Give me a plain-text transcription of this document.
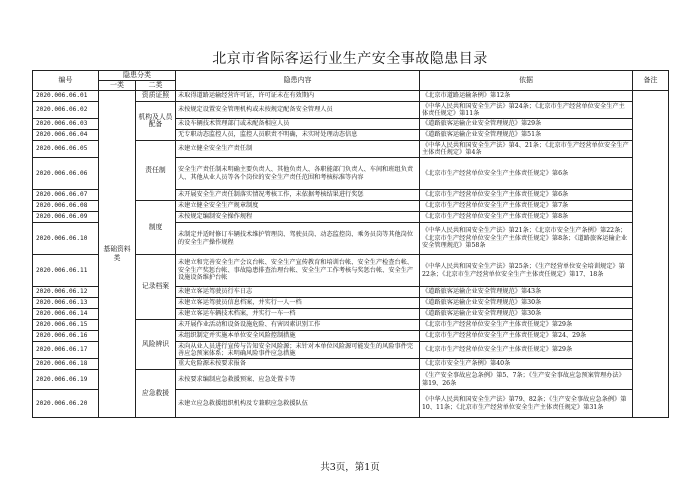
北京市省际客运行业生产安全事故隐患目录
编号	隐患分类		隐患内容	依据	备注
	一类	二类			
2020.006.06.01	基础资料类	资质证照	未取得道路运输经营许可证，许可证未在有效期内	《北京市道路运输条例》第12条	
2020.006.06.02		机构及人员配备	未按规定设置安全管理机构或未按规定配备安全管理人员	《中华人民共和国安全生产法》第24条；《北京市生产经营单位安全生产主体责任规定》第11条	
2020.006.06.03			未设车辆技术管理部门或未配备相应人员	《道路旅客运输企业安全管理规范》第29条	
2020.006.06.04			无专职动态监控人员，监控人员职责不明确，未实时处理动态信息	《道路旅客运输企业安全管理规范》第51条	
2020.006.06.05		责任制	未建立健全安全生产责任制	《中华人民共和国安全生产法》第4、21条；《北京市生产经营单位安全生产主体责任规定》第4条	
2020.006.06.06			安全生产责任制未明确主要负责人、其他负责人、各职能部门负责人、车间和班组负责人、其他从业人员等各个岗位的安全生产责任范围和考核标准等内容	《北京市生产经营单位安全生产主体责任规定》第6条	
2020.006.06.07			未开展安全生产责任制落实情况考核工作，未依据考核结果进行奖惩	《北京市生产经营单位安全生产主体责任规定》第6条	
2020.006.06.08		制度	未建立健全安全生产规章制度	《北京市生产经营单位安全生产主体责任规定》第7条	
2020.006.06.09			未按规定编制安全操作规程	《北京市生产经营单位安全生产主体责任规定》第8条	
2020.006.06.10			未制定并适时修订车辆技术维护管理岗、驾驶员岗、动态监控岗、乘务员岗等其他岗位的安全生产操作规程	《中华人民共和国安全生产法》第21条；《北京市安全生产条例》第22条；《北京市生产经营单位安全生产主体责任规定》第8条；《道路旅客运输企业安全管理规范》第58条	
2020.006.06.11		记录档案	未建立和完善安全生产会议台帐、安全生产宣传教育和培训台帐、安全生产检查台帐、安全生产奖惩台帐、事故隐患排查治理台帐、安全生产工作考核与奖惩台帐、安全生产设施设备维护台帐	《中华人民共和国安全生产法》第25条；《生产经营单位安全培训规定》第22条；《北京市生产经营单位安全生产主体责任规定》第17、18条	
2020.006.06.12			未建立客运驾驶员行车日志	《道路旅客运输企业安全管理规范》第43条	
2020.006.06.13			未建立客运驾驶员信息档案，并实行一人一档	《道路旅客运输企业安全管理规范》第30条	
2020.006.06.14			未建立客运车辆技术档案，并实行一车一档	《道路旅客运输企业安全管理规范》第30条	
2020.006.06.15		风险辨识	未开展作业活动和设备设施危险、有害因素识别工作	《北京市生产经营单位安全生产主体责任规定》第29条	
2020.006.06.16			未组织制定并实施本单位安全风险控制措施	《北京市生产经营单位安全生产主体责任规定》第24、29条	
2020.006.06.17			未向从业人员进行宣传与告知安全风险源；未针对本单位风险源可能发生的风险事件完善应急预案体系；未明确风险事件应急措施	《北京市生产经营单位安全生产主体责任规定》第29条	
2020.006.06.18			重大危险源未按要求报备	《北京市安全生产条例》第40条	
2020.006.06.19		应急救援	未按要求编制应急救援预案、应急处置卡等	《生产安全事故应急条例》第5、7条；《生产安全事故应急预案管理办法》第19、26条	
2020.006.06.20			未建立应急救援组织机构及专兼职应急救援队伍	《中华人民共和国安全生产法》第79、82条；《生产安全事故应急条例》第10、11条；《北京市生产经营单位安全生产主体责任规定》第31条	
共3页，第1页
